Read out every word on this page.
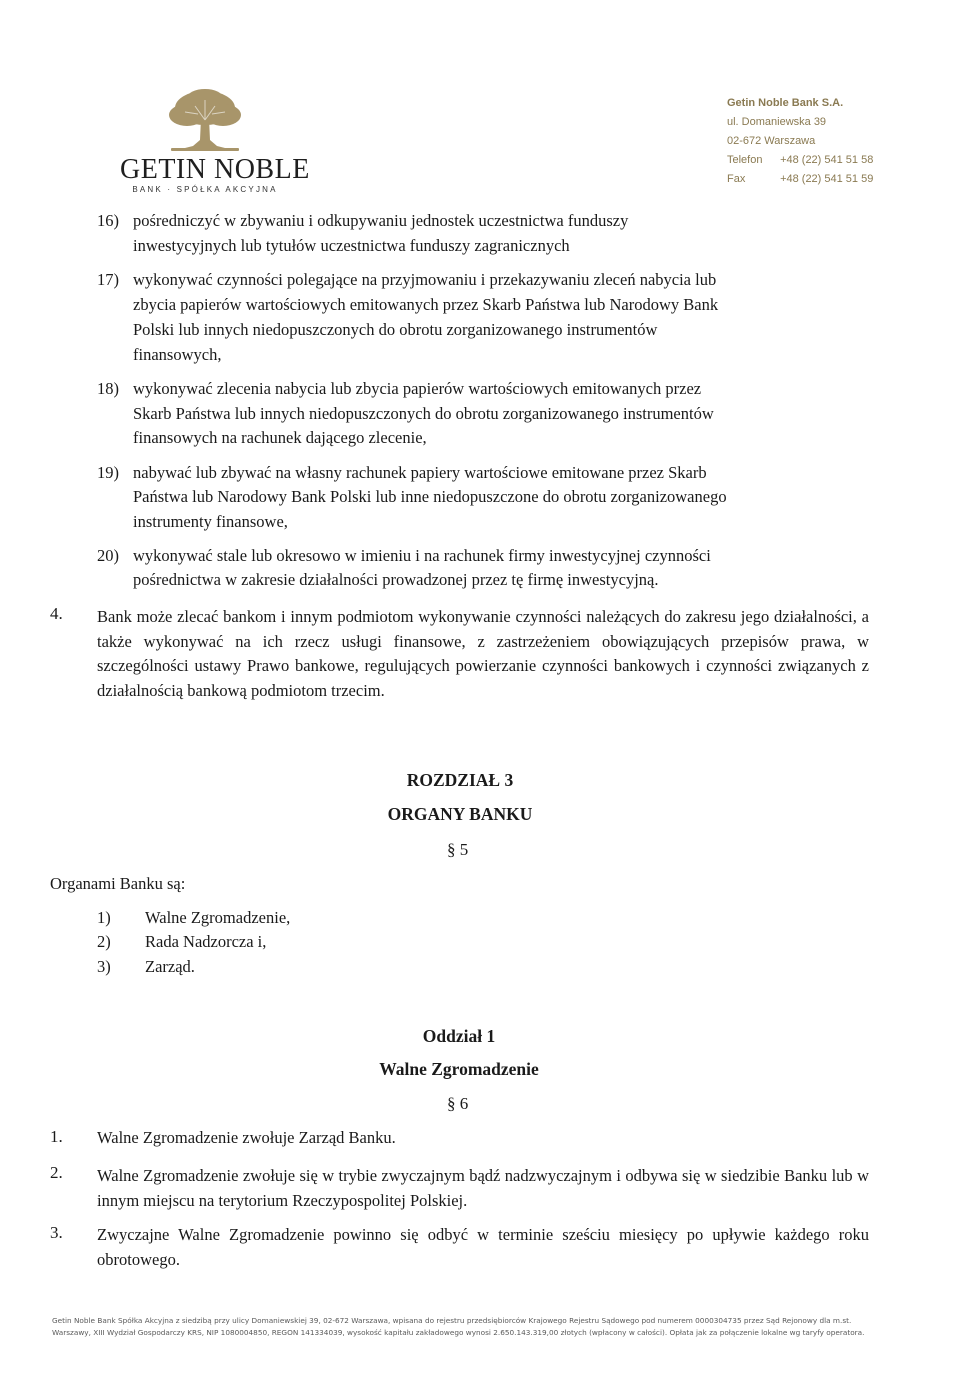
GETIN NOBLE
BANK · SPÓŁKA AKCYJNA
Getin Noble Bank S.A.
ul. Domaniewska 39
02-672 Warszawa
Telefon +48 (22) 541 51 58
Fax	+48 (22) 541 51 59
16) pośredniczyć w zbywaniu i odkupywaniu jednostek uczestnictwa funduszy
inwestycyjnych lub tytułów uczestnictwa funduszy zagranicznych
17) wykonywać czynności polegające na przyjmowaniu i przekazywaniu zleceń nabycia lub
zbycia papierów wartościowych emitowanych przez Skarb Państwa lub Narodowy Bank
Polski lub innych niedopuszczonych do obrotu zorganizowanego instrumentów
finansowych,
18) wykonywać zlecenia nabycia lub zbycia papierów wartościowych emitowanych przez
Skarb Państwa lub innych niedopuszczonych do obrotu zorganizowanego instrumentów
finansowych na rachunek dającego zlecenie,
19) nabywać lub zbywać na własny rachunek papiery wartościowe emitowane przez Skarb
Państwa lub Narodowy Bank Polski lub inne niedopuszczone do obrotu zorganizowanego
instrumenty finansowe,
20) wykonywać stale lub okresowo w imieniu i na rachunek firmy inwestycyjnej czynności
pośrednictwa w zakresie działalności prowadzonej przez tę firmę inwestycyjną.
4. Bank może zlecać bankom i innym podmiotom wykonywanie czynności należących do zakresu jego działalności, a także wykonywać na ich rzecz usługi finansowe, z zastrzeżeniem obowiązujących przepisów prawa, w szczególności ustawy Prawo bankowe, regulujących powierzanie czynności bankowych i czynności związanych z działalnością bankową podmiotom trzecim.
ROZDZIAŁ 3
ORGANY BANKU
§ 5
Organami Banku są:
1) Walne Zgromadzenie,
2) Rada Nadzorcza i,
3) Zarząd.
Oddział 1
Walne Zgromadzenie
§ 6
1. Walne Zgromadzenie zwołuje Zarząd Banku.
2. Walne Zgromadzenie zwołuje się w trybie zwyczajnym bądź nadzwyczajnym i odbywa się w siedzibie Banku lub w innym miejscu na terytorium Rzeczypospolitej Polskiej.
3. Zwyczajne Walne Zgromadzenie powinno się odbyć w terminie sześciu miesięcy po upływie każdego roku obrotowego.
Getin Noble Bank Spółka Akcyjna z siedzibą przy ulicy Domaniewskiej 39, 02-672 Warszawa, wpisana do rejestru przedsiębiorców Krajowego Rejestru Sądowego pod numerem 0000304735 przez Sąd Rejonowy dla m.st.
Warszawy, XIII Wydział Gospodarczy KRS, NIP 1080004850, REGON 141334039, wysokość kapitału zakładowego wynosi 2.650.143.319,00 złotych (wpłacony w całości). Opłata jak za połączenie lokalne wg taryfy operatora.
